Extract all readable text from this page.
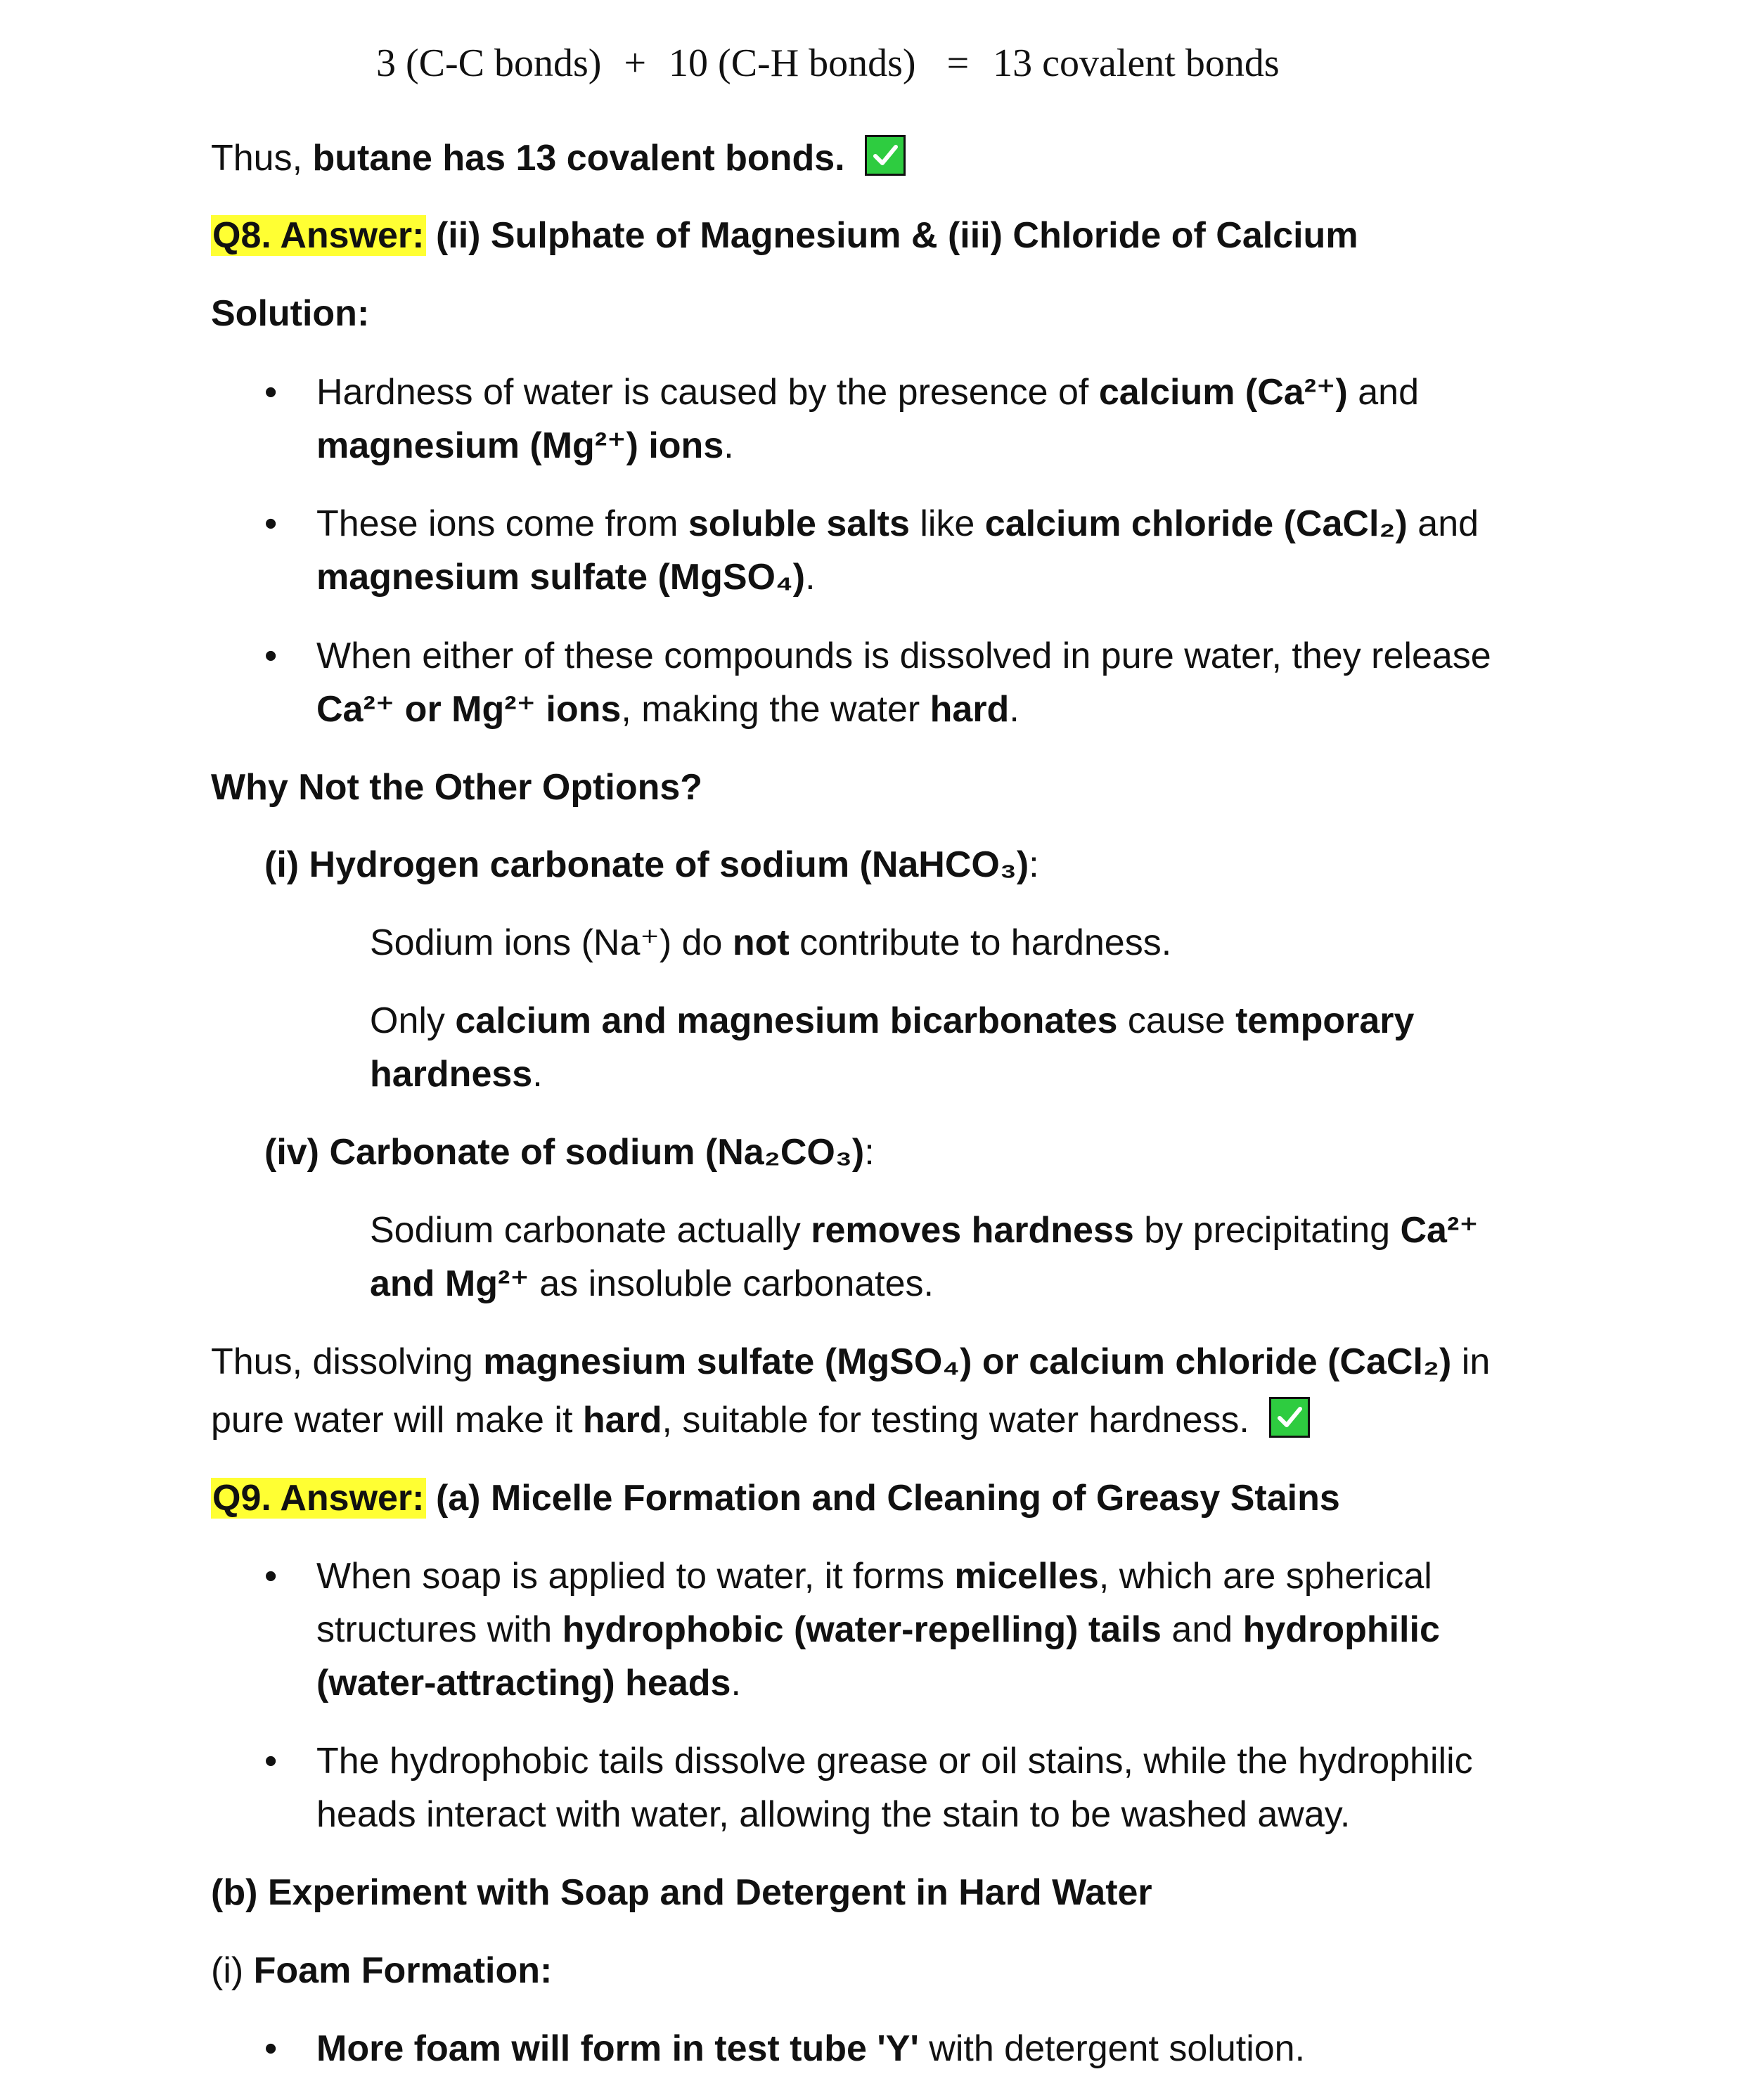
3 (C-C bonds) + 10 (C-H bonds) = 13 covalent bonds
Thus, butane has 13 covalent bonds.
Q8. Answer: (ii) Sulphate of Magnesium & (iii) Chloride of Calcium
Solution:
• Hardness of water is caused by the presence of calcium (Ca²⁺) and
magnesium (Mg²⁺) ions.
• These ions come from soluble salts like calcium chloride (CaCl₂) and
magnesium sulfate (MgSO₄).
• When either of these compounds is dissolved in pure water, they release
Ca²⁺ or Mg²⁺ ions, making the water hard.
Why Not the Other Options?
(i) Hydrogen carbonate of sodium (NaHCO₃):
Sodium ions (Na⁺) do not contribute to hardness.
Only calcium and magnesium bicarbonates cause temporary
hardness.
(iv) Carbonate of sodium (Na₂CO₃):
Sodium carbonate actually removes hardness by precipitating Ca²⁺
and Mg²⁺ as insoluble carbonates.
Thus, dissolving magnesium sulfate (MgSO₄) or calcium chloride (CaCl₂) in
pure water will make it hard, suitable for testing water hardness.
Q9. Answer: (a) Micelle Formation and Cleaning of Greasy Stains
• When soap is applied to water, it forms micelles, which are spherical
structures with hydrophobic (water-repelling) tails and hydrophilic
(water-attracting) heads.
• The hydrophobic tails dissolve grease or oil stains, while the hydrophilic
heads interact with water, allowing the stain to be washed away.
(b) Experiment with Soap and Detergent in Hard Water
(i) Foam Formation:
• More foam will form in test tube 'Y' with detergent solution.
